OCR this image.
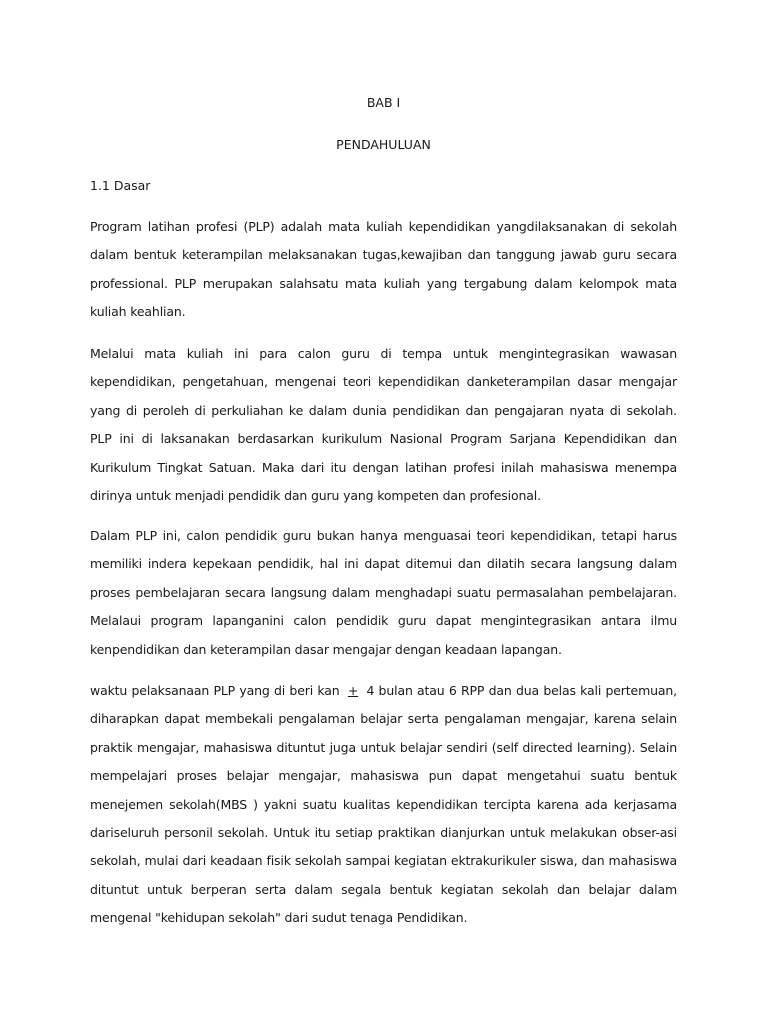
BAB I

PENDAHULUAN

1.1 Dasar

Program latihan profesi (PLP) adalah mata kuliah kependidikan yangdilaksanakan di sekolah dalam bentuk keterampilan melaksanakan tugas,kewajiban dan tanggung jawab guru secara professional. PLP merupakan salahsatu mata kuliah yang tergabung dalam kelompok mata kuliah keahlian.

Melalui mata kuliah ini para calon guru di tempa untuk mengintegrasikan wawasan kependidikan, pengetahuan, mengenai teori kependidikan danketerampilan dasar mengajar yang di peroleh di perkuliahan ke dalam dunia pendidikan dan pengajaran nyata di sekolah. PLP ini di laksanakan berdasarkan kurikulum Nasional Program Sarjana Kependidikan dan Kurikulum Tingkat Satuan. Maka dari itu dengan latihan profesi inilah mahasiswa menempa dirinya untuk menjadi pendidik dan guru yang kompeten dan profesional.

Dalam PLP ini, calon pendidik guru bukan hanya menguasai teori kependidikan, tetapi harus memiliki indera kepekaan pendidik, hal ini dapat ditemui dan dilatih secara langsung dalam proses pembelajaran secara langsung dalam menghadapi suatu permasalahan pembelajaran. Melalaui program lapanganini calon pendidik guru dapat mengintegrasikan antara ilmu kenpendidikan dan keterampilan dasar mengajar dengan keadaan lapangan.

waktu pelaksanaan PLP yang di beri kan + 4 bulan atau 6 RPP dan dua belas kali pertemuan, diharapkan dapat membekali pengalaman belajar serta pengalaman mengajar, karena selain praktik mengajar, mahasiswa dituntut juga untuk belajar sendiri (self directed learning). Selain mempelajari proses belajar mengajar, mahasiswa pun dapat mengetahui suatu bentuk menejemen sekolah(MBS ) yakni suatu kualitas kependidikan tercipta karena ada kerjasama dariseluruh personil sekolah. Untuk itu setiap praktikan dianjurkan untuk melakukan obser-asi sekolah, mulai dari keadaan fisik sekolah sampai kegiatan ektrakurikuler siswa, dan mahasiswa dituntut untuk berperan serta dalam segala bentuk kegiatan sekolah dan belajar dalam mengenal "kehidupan sekolah" dari sudut tenaga Pendidikan.
